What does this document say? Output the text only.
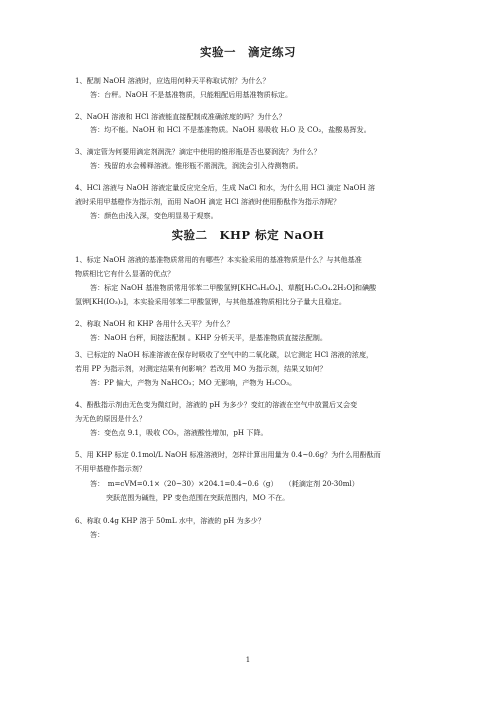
实验一　滴定练习
1、配制 NaOH 溶液时，应选用何种天平称取试剂？为什么？
答：台秤。NaOH 不是基准物质，只能粗配后用基准物质标定。
2、NaOH 溶液和 HCl 溶液能直接配制成准确浓度的吗？为什么？
答：均不能。NaOH 和 HCl 不是基准物质。NaOH 易吸收 H₂O 及 CO₂，盐酸易挥发。
3、滴定管为何要用滴定剂润洗？滴定中使用的锥形瓶是否也要润洗？为什么？
答：残留的水会稀释溶液。锥形瓶不需润洗，润洗会引入待测物质。
4、HCl 溶液与 NaOH 溶液定量反应完全后，生成 NaCl 和水，为什么用 HCl 滴定 NaOH 溶
液时采用甲基橙作为指示剂，而用 NaOH 滴定 HCl 溶液时使用酚酞作为指示剂呢？
答：颜色由浅入深，变色明显易于观察。
实验二　KHP 标定 NaOH
1、标定 NaOH 溶液的基准物质常用的有哪些？本实验采用的基准物质是什么？与其他基准
物质相比它有什么显著的优点？
答：标定 NaOH 基准物质常用邻苯二甲酸氢钾[KHC₈H₄O₄]、草酸[H₂C₂O₄.2H₂O]和碘酸
氢钾[KH(IO₃)₂]，本实验采用邻苯二甲酸氢钾，与其他基准物质相比分子量大且稳定。
2、称取 NaOH 和 KHP 各用什么天平？为什么？
答：NaOH 台秤，间接法配制 。KHP 分析天平，是基准物质直接法配制。
3、已标定的 NaOH 标准溶液在保存时吸收了空气中的二氧化碳，以它测定 HCl 溶液的浓度，
若用 PP 为指示剂，对测定结果有何影响？若改用 MO 为指示剂，结果又如何？
答：PP 偏大，产物为 NaHCO₃；MO 无影响，产物为 H₂CO₃。
4、酚酞指示剂由无色变为微红时，溶液的 pH 为多少？变红的溶液在空气中放置后又会变
为无色的原因是什么？
答：变色点 9.1，吸收 CO₂，溶液酸性增加，pH 下降。
5、用 KHP 标定 0.1mol/L NaOH 标准溶液时，怎样计算出用量为 0.4~0.6g？为什么用酚酞而
不用甲基橙作指示剂？
答：　m=cVM=0.1×（20~30）×204.1=0.4~0.6（g）　　（耗滴定剂 20-30ml）
突跃范围为碱性，PP 变色范围在突跃范围内，MO 不在。
6、称取 0.4g KHP 溶于 50mL 水中，溶液的 pH 为多少？
答：
1
